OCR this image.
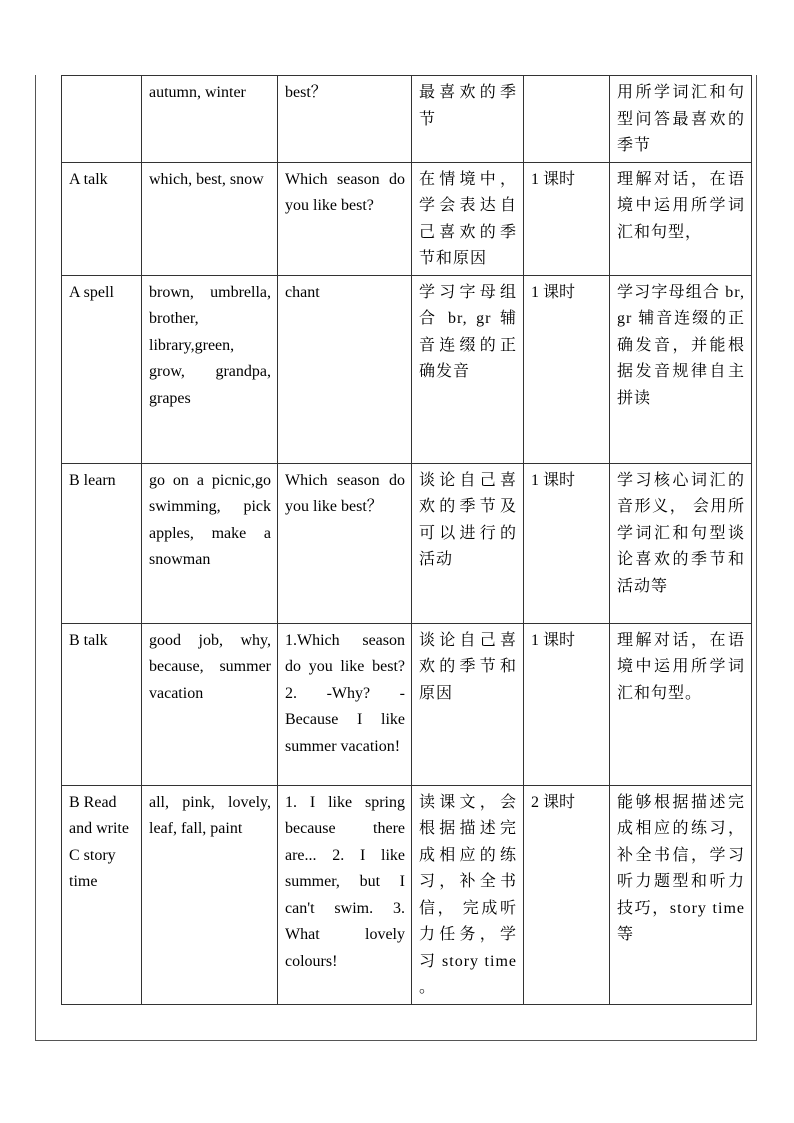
	autumn, winter	best？	最喜欢的季节		用所学词汇和句型问答最喜欢的季节
A talk	which, best, snow	Which season do you like best?	在情境中，学会表达自己喜欢的季节和原因	1 课时	理解对话，在语境中运用所学词汇和句型，
A spell	brown, umbrella, brother, library,green, grow, grandpa, grapes	chant	学习字母组合 br, gr 辅音连缀的正确发音	1 课时	学习字母组合 br, gr 辅音连缀的正确发音，并能根据发音规律自主拼读
B learn	go on a picnic,go swimming, pick apples, make a snowman	Which season do you like best？	谈论自己喜欢的季节及可以进行的活动	1 课时	学习核心词汇的音形义， 会用所学词汇和句型谈论喜欢的季节和活动等
B talk	good job, why, because, summer vacation	1.Which season do you like best? 2. -Why? -Because I like summer vacation!	谈论自己喜欢的季节和原因	1 课时	理解对话，在语境中运用所学词汇和句型。
B Read and write C story time	all, pink, lovely, leaf, fall, paint	1. I like spring because there are... 2. I like summer, but I can't swim. 3. What lovely colours!	读课文，会根据描述完成相应的练习，补全书信， 完成听力任务，学 习 story time 。	2 课时	能够根据描述完成相应的练习，补全书信，学习听力题型和听力技巧，story time 等
